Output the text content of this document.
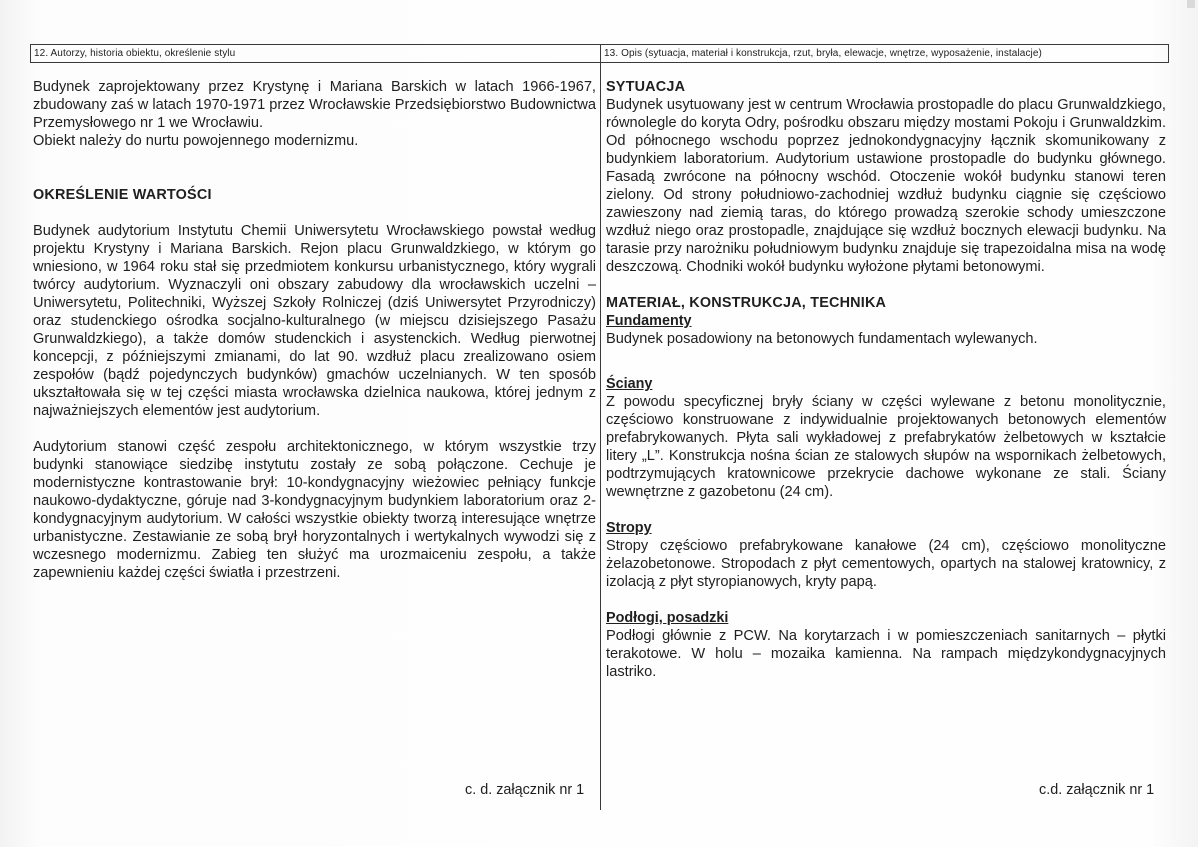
12. Autorzy, historia obiektu, określenie stylu	13. Opis (sytuacja, materiał i konstrukcja, rzut, bryła, elewacje, wnętrze, wyposażenie, instalacje)

Budynek zaprojektowany przez Krystynę i Mariana Barskich w latach 1966-1967, zbudowany zaś w latach 1970-1971 przez Wrocławskie Przedsiębiorstwo Budownictwa Przemysłowego nr 1 we Wrocławiu.

Obiekt należy do nurtu powojennego modernizmu.

OKREŚLENIE WARTOŚCI

Budynek audytorium Instytutu Chemii Uniwersytetu Wrocławskiego powstał według projektu Krystyny i Mariana Barskich. Rejon placu Grunwaldzkiego, w którym go wniesiono, w 1964 roku stał się przedmiotem konkursu urbanistycznego, który wygrali twórcy audytorium. Wyznaczyli oni obszary zabudowy dla wrocławskich uczelni – Uniwersytetu, Politechniki, Wyższej Szkoły Rolniczej (dziś Uniwersytet Przyrodniczy) oraz studenckiego ośrodka socjalno-kulturalnego (w miejscu dzisiejszego Pasażu Grunwaldzkiego), a także domów studenckich i asystenckich. Według pierwotnej koncepcji, z późniejszymi zmianami, do lat 90. wzdłuż placu zrealizowano osiem zespołów (bądź pojedynczych budynków) gmachów uczelnianych. W ten sposób ukształtowała się w tej części miasta wrocławska dzielnica naukowa, której jednym z najważniejszych elementów jest audytorium.

Audytorium stanowi część zespołu architektonicznego, w którym wszystkie trzy budynki stanowiące siedzibę instytutu zostały ze sobą połączone. Cechuje je modernistyczne kontrastowanie brył: 10-kondygnacyjny wieżowiec pełniący funkcje naukowo-dydaktyczne, góruje nad 3-kondygnacyjnym budynkiem laboratorium oraz 2-kondygnacyjnym audytorium. W całości wszystkie obiekty tworzą interesujące wnętrze urbanistyczne. Zestawianie ze sobą brył horyzontalnych i wertykalnych wywodzi się z wczesnego modernizmu. Zabieg ten służyć ma urozmaiceniu zespołu, a także zapewnieniu każdej części światła i przestrzeni.

SYTUACJA

Budynek usytuowany jest w centrum Wrocławia prostopadle do placu Grunwaldzkiego, równolegle do koryta Odry, pośrodku obszaru między mostami Pokoju i Grunwaldzkim. Od północnego wschodu poprzez jednokondygnacyjny łącznik skomunikowany z budynkiem laboratorium. Audytorium ustawione prostopadle do budynku głównego. Fasadą zwrócone na północny wschód. Otoczenie wokół budynku stanowi teren zielony. Od strony południowo-zachodniej wzdłuż budynku ciągnie się częściowo zawieszony nad ziemią taras, do którego prowadzą szerokie schody umieszczone wzdłuż niego oraz prostopadle, znajdujące się wzdłuż bocznych elewacji budynku. Na tarasie przy narożniku południowym budynku znajduje się trapezoidalna misa na wodę deszczową. Chodniki wokół budynku wyłożone płytami betonowymi.

MATERIAŁ, KONSTRUKCJA, TECHNIKA

Fundamenty

Budynek posadowiony na betonowych fundamentach wylewanych.

Ściany

Z powodu specyficznej bryły ściany w części wylewane z betonu monolitycznie, częściowo konstruowane z indywidualnie projektowanych betonowych elementów prefabrykowanych. Płyta sali wykładowej z prefabrykatów żelbetowych w kształcie litery „L”. Konstrukcja nośna ścian ze stalowych słupów na wspornikach żelbetowych, podtrzymujących kratownicowe przekrycie dachowe wykonane ze stali. Ściany wewnętrzne z gazobetonu (24 cm).

Stropy

Stropy częściowo prefabrykowane kanałowe (24 cm), częściowo monolityczne żelazobetonowe. Stropodach z płyt cementowych, opartych na stalowej kratownicy, z izolacją z płyt styropianowych, kryty papą.

Podłogi, posadzki

Podłogi głównie z PCW. Na korytarzach i w pomieszczeniach sanitarnych – płytki terakotowe. W holu – mozaika kamienna. Na rampach międzykondygnacyjnych lastriko.

c. d. załącznik nr 1	c.d. załącznik nr 1
